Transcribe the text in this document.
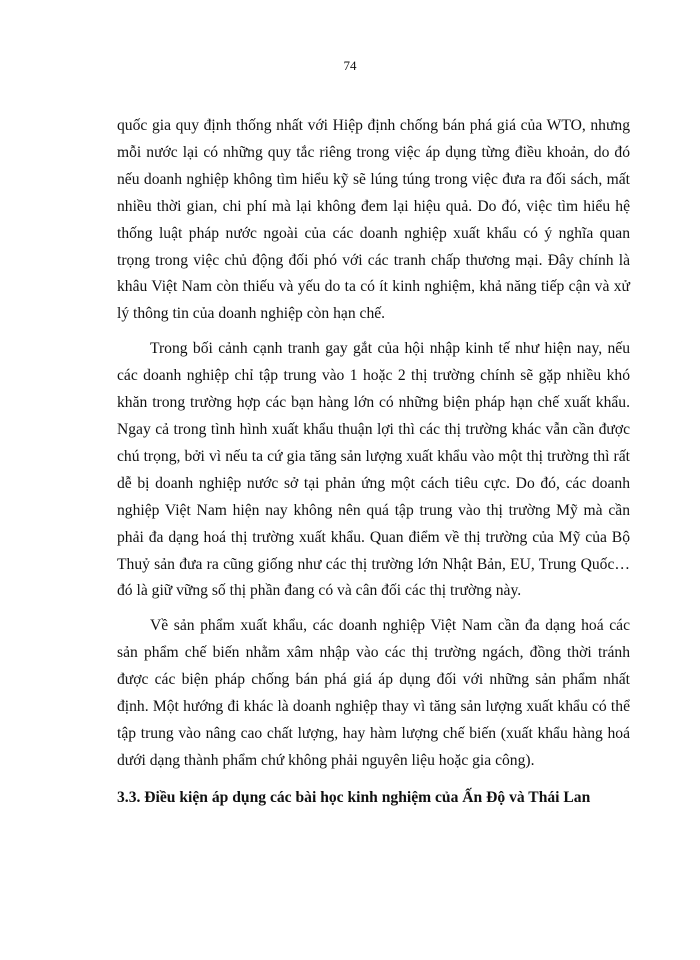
74

quốc gia quy định thống nhất với Hiệp định chống bán phá giá của WTO, nhưng mỗi nước lại có những quy tắc riêng trong việc áp dụng từng điều khoản, do đó nếu doanh nghiệp không tìm hiểu kỹ sẽ lúng túng trong việc đưa ra đối sách, mất nhiều thời gian, chi phí mà lại không đem lại hiệu quả. Do đó, việc tìm hiểu hệ thống luật pháp nước ngoài của các doanh nghiệp xuất khẩu có ý nghĩa quan trọng trong việc chủ động đối phó với các tranh chấp thương mại. Đây chính là khâu Việt Nam còn thiếu và yếu do ta có ít kinh nghiệm, khả năng tiếp cận và xử lý thông tin của doanh nghiệp còn hạn chế.

Trong bối cảnh cạnh tranh gay gắt của hội nhập kinh tế như hiện nay, nếu các doanh nghiệp chỉ tập trung vào 1 hoặc 2 thị trường chính sẽ gặp nhiều khó khăn trong trường hợp các bạn hàng lớn có những biện pháp hạn chế xuất khẩu. Ngay cả trong tình hình xuất khẩu thuận lợi thì các thị trường khác vẫn cần được chú trọng, bởi vì nếu ta cứ gia tăng sản lượng xuất khẩu vào một thị trường thì rất dễ bị doanh nghiệp nước sở tại phản ứng một cách tiêu cực. Do đó, các doanh nghiệp Việt Nam hiện nay không nên quá tập trung vào thị trường Mỹ mà cần phải đa dạng hoá thị trường xuất khẩu. Quan điểm về thị trường của Mỹ của Bộ Thuỷ sản đưa ra cũng giống như các thị trường lớn Nhật Bản, EU, Trung Quốc… đó là giữ vững số thị phần đang có và cân đối các thị trường này.

Về sản phẩm xuất khẩu, các doanh nghiệp Việt Nam cần đa dạng hoá các sản phẩm chế biến nhằm xâm nhập vào các thị trường ngách, đồng thời tránh được các biện pháp chống bán phá giá áp dụng đối với những sản phẩm nhất định. Một hướng đi khác là doanh nghiệp thay vì tăng sản lượng xuất khẩu có thể tập trung vào nâng cao chất lượng, hay hàm lượng chế biến (xuất khẩu hàng hoá dưới dạng thành phẩm chứ không phải nguyên liệu hoặc gia công).

3.3. Điều kiện áp dụng các bài học kinh nghiệm của Ấn Độ và Thái Lan
